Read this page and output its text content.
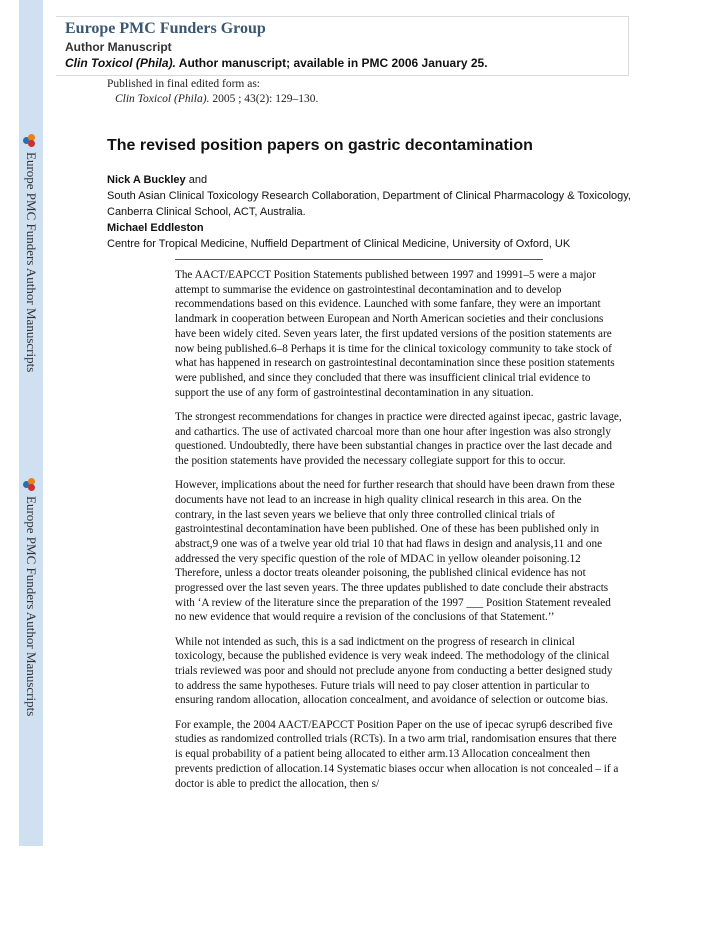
Europe PMC Funders Author Manuscripts
Europe PMC Funders Author Manuscripts
Europe PMC Funders Group
Author Manuscript
Clin Toxicol (Phila). Author manuscript; available in PMC 2006 January 25.
Published in final edited form as:
Clin Toxicol (Phila). 2005 ; 43(2): 129–130.
The revised position papers on gastric decontamination
Nick A Buckley and
South Asian Clinical Toxicology Research Collaboration, Department of Clinical Pharmacology & Toxicology, Canberra Clinical School, ACT, Australia.
Michael Eddleston
Centre for Tropical Medicine, Nuffield Department of Clinical Medicine, University of Oxford, UK

The AACT/EAPCCT Position Statements published between 1997 and 19991–5 were a major attempt to summarise the evidence on gastrointestinal decontamination and to develop recommendations based on this evidence. Launched with some fanfare, they were an important landmark in cooperation between European and North American societies and their conclusions have been widely cited. Seven years later, the first updated versions of the position statements are now being published.6–8 Perhaps it is time for the clinical toxicology community to take stock of what has happened in research on gastrointestinal decontamination since these position statements were published, and since they concluded that there was insufficient clinical trial evidence to support the use of any form of gastrointestinal decontamination in any situation.

The strongest recommendations for changes in practice were directed against ipecac, gastric lavage, and cathartics. The use of activated charcoal more than one hour after ingestion was also strongly questioned. Undoubtedly, there have been substantial changes in practice over the last decade and the position statements have provided the necessary collegiate support for this to occur.

However, implications about the need for further research that should have been drawn from these documents have not lead to an increase in high quality clinical research in this area. On the contrary, in the last seven years we believe that only three controlled clinical trials of gastrointestinal decontamination have been published. One of these has been published only in abstract,9 one was of a twelve year old trial 10 that had flaws in design and analysis,11 and one addressed the very specific question of the role of MDAC in yellow oleander poisoning.12 Therefore, unless a doctor treats oleander poisoning, the published clinical evidence has not progressed over the last seven years. The three updates published to date conclude their abstracts with ‘A review of the literature since the preparation of the 1997 ___ Position Statement revealed no new evidence that would require a revision of the conclusions of that Statement.’’

While not intended as such, this is a sad indictment on the progress of research in clinical toxicology, because the published evidence is very weak indeed. The methodology of the clinical trials reviewed was poor and should not preclude anyone from conducting a better designed study to address the same hypotheses. Future trials will need to pay closer attention in particular to ensuring random allocation, allocation concealment, and avoidance of selection or outcome bias.

For example, the 2004 AACT/EAPCCT Position Paper on the use of ipecac syrup6 described five studies as randomized controlled trials (RCTs). In a two arm trial, randomisation ensures that there is equal probability of a patient being allocated to either arm.13 Allocation concealment then prevents prediction of allocation.14 Systematic biases occur when allocation is not concealed – if a doctor is able to predict the allocation, then s/
